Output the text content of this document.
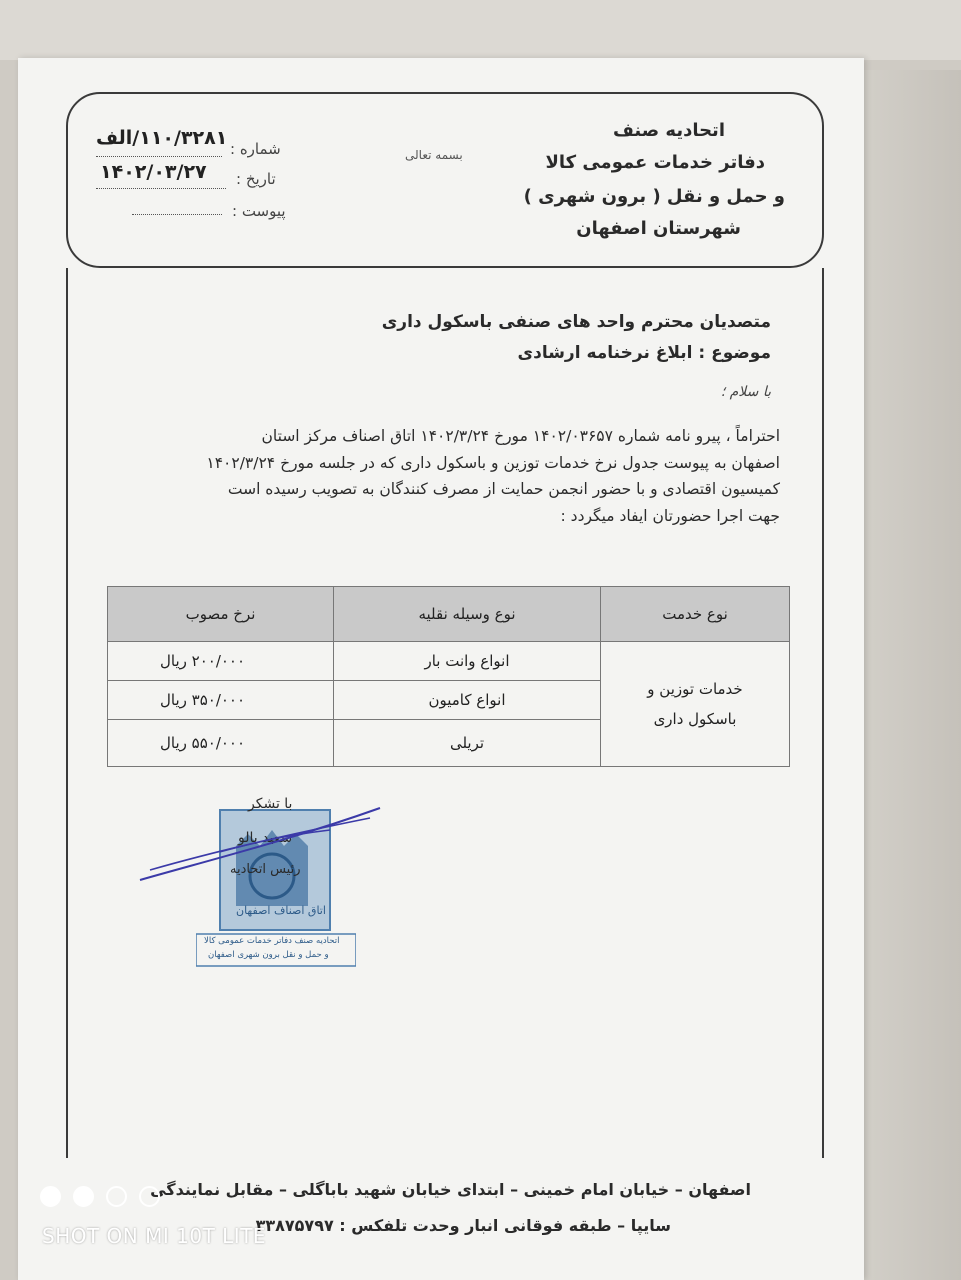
اتحادیه صنف
دفاتر خدمات عمومی کالا
و حمل و نقل ( برون شهری )
شهرستان اصفهان
بسمه تعالی
شماره :
۱۱۰/۳۲۸۱/الف
تاریخ :
۱۴۰۲/۰۳/۲۷
پیوست :
متصدیان محترم واحد های صنفی باسکول داری
موضوع : ابلاغ نرخنامه ارشادی
با سلام ؛
احتراماً ، پیرو نامه شماره ۱۴۰۲/۰۳۶۵۷ مورخ ۱۴۰۲/۳/۲۴ اتاق اصناف مرکز استان
اصفهان به پیوست جدول نرخ خدمات توزین و باسکول داری که در جلسه مورخ ۱۴۰۲/۳/۲۴
کمیسیون اقتصادی و با حضور انجمن حمایت از مصرف کنندگان به تصویب رسیده است
جهت اجرا حضورتان ایفاد میگردد :
نوع خدمت	نوع وسیله نقلیه	نرخ مصوب

خدمات توزین و
باسکول داری	انواع وانت بار	۲۰۰/۰۰۰ ریال
	انواع کامیون	۳۵۰/۰۰۰ ریال
	تریلی	۵۵۰/۰۰۰ ریال
اتاق اصناف اصفهان
اتحادیه صنف دفاتر خدمات عمومی کالا
و حمل و نقل برون شهری اصفهان
با تشکر
سعید بالو
رئیس اتحادیه
اصفهان – خیابان امام خمینی – ابتدای خیابان شهید باباگلی – مقابل نمایندگی
سایپا – طبقه فوقانی انبار وحدت تلفکس : ۳۳۸۷۵۷۹۷

SHOT ON MI 10T LITE
